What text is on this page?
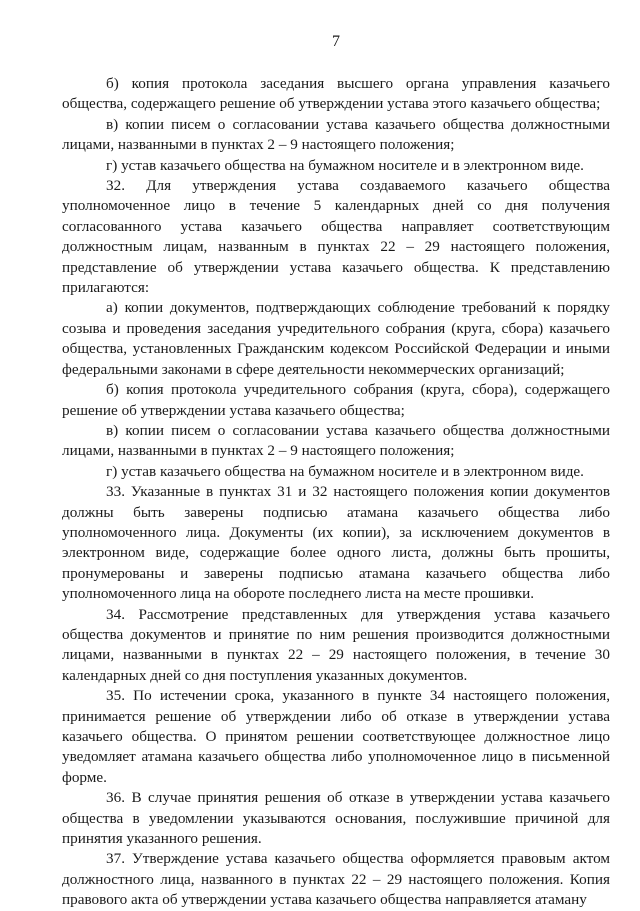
7

б) копия протокола заседания высшего органа управления казачьего общества, содержащего решение об утверждении устава этого казачьего общества;

в) копии писем о согласовании устава казачьего общества должностными лицами, названными в пунктах 2 – 9 настоящего положения;

г) устав казачьего общества на бумажном носителе и в электронном виде.

32. Для утверждения устава создаваемого казачьего общества уполномоченное лицо в течение 5 календарных дней со дня получения согласованного устава казачьего общества направляет соответствующим должностным лицам, названным в пунктах 22 – 29 настоящего положения, представление об утверждении устава казачьего общества. К представлению прилагаются:

а) копии документов, подтверждающих соблюдение требований к порядку созыва и проведения заседания учредительного собрания (круга, сбора) казачьего общества, установленных Гражданским кодексом Российской Федерации и иными федеральными законами в сфере деятельности некоммерческих организаций;

б) копия протокола учредительного собрания (круга, сбора), содержащего решение об утверждении устава казачьего общества;

в) копии писем о согласовании устава казачьего общества должностными лицами, названными в пунктах 2 – 9 настоящего положения;

г) устав казачьего общества на бумажном носителе и в электронном виде.

33. Указанные в пунктах 31 и 32 настоящего положения копии документов должны быть заверены подписью атамана казачьего общества либо уполномоченного лица. Документы (их копии), за исключением документов в электронном виде, содержащие более одного листа, должны быть прошиты, пронумерованы и заверены подписью атамана казачьего общества либо уполномоченного лица на обороте последнего листа на месте прошивки.

34. Рассмотрение представленных для утверждения устава казачьего общества документов и принятие по ним решения производится должностными лицами, названными в пунктах 22 – 29 настоящего положения, в течение 30 календарных дней со дня поступления указанных документов.

35. По истечении срока, указанного в пункте 34 настоящего положения, принимается решение об утверждении либо об отказе в утверждении устава казачьего общества. О принятом решении соответствующее должностное лицо уведомляет атамана казачьего общества либо уполномоченное лицо в письменной форме.

36. В случае принятия решения об отказе в утверждении устава казачьего общества в уведомлении указываются основания, послужившие причиной для принятия указанного решения.

37. Утверждение устава казачьего общества оформляется правовым актом должностного лица, названного в пунктах 22 – 29 настоящего положения. Копия правового акта об утверждении устава казачьего общества направляется атаману
